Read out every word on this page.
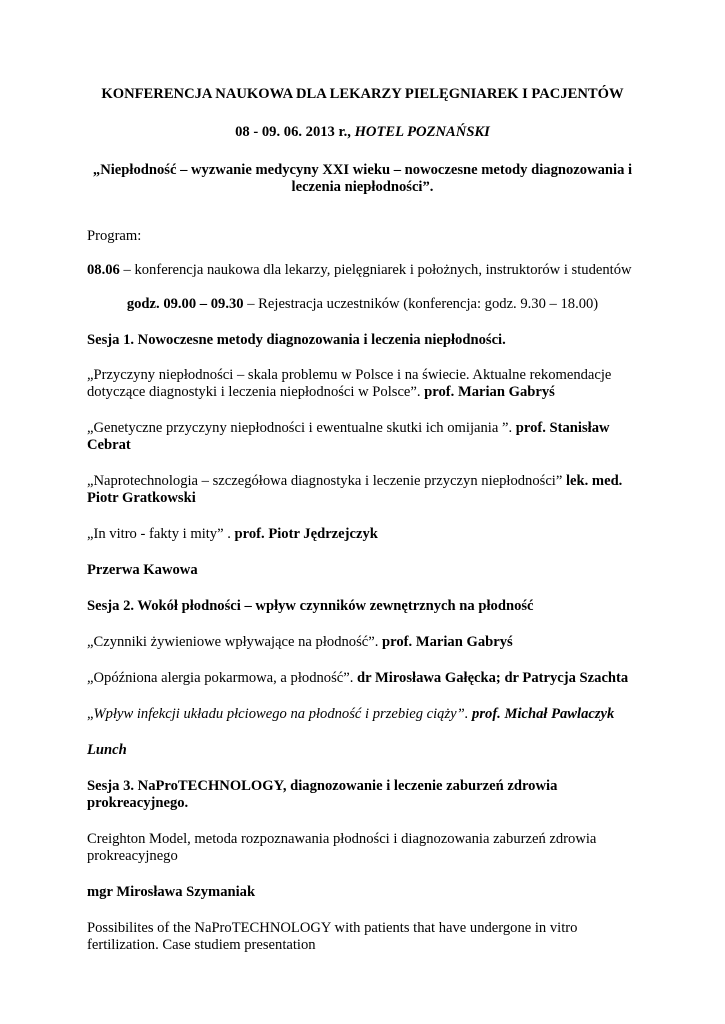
KONFERENCJA NAUKOWA DLA LEKARZY PIELĘGNIAREK I PACJENTÓW

08 - 09. 06. 2013 r., HOTEL POZNAŃSKI

„Niepłodność – wyzwanie medycyny XXI wieku – nowoczesne metody diagnozowania i
leczenia niepłodności”.

Program:

08.06 – konferencja naukowa dla lekarzy, pielęgniarek i położnych, instruktorów i studentów

godz. 09.00 – 09.30 – Rejestracja uczestników (konferencja: godz. 9.30 – 18.00)

Sesja 1. Nowoczesne metody diagnozowania i leczenia niepłodności.

„Przyczyny niepłodności – skala problemu w Polsce i na świecie. Aktualne rekomendacje dotyczące diagnostyki i leczenia niepłodności w Polsce”. prof. Marian Gabryś

„Genetyczne przyczyny niepłodności i ewentualne skutki ich omijania ”. prof. Stanisław Cebrat

„Naprotechnologia – szczegółowa diagnostyka i leczenie przyczyn niepłodności” lek. med. Piotr Gratkowski

„In vitro - fakty i mity” . prof. Piotr Jędrzejczyk

Przerwa Kawowa

Sesja 2. Wokół płodności – wpływ czynników zewnętrznych na płodność

„Czynniki żywieniowe wpływające na płodność”. prof. Marian Gabryś

„Opóźniona alergia pokarmowa, a płodność”. dr Mirosława Gałęcka; dr Patrycja Szachta

„Wpływ infekcji układu płciowego na płodność i przebieg ciąży”. prof. Michał Pawlaczyk

Lunch

Sesja 3. NaProTECHNOLOGY, diagnozowanie i leczenie zaburzeń zdrowia prokreacyjnego.

Creighton Model, metoda rozpoznawania płodności i diagnozowania zaburzeń zdrowia prokreacyjnego

mgr Mirosława Szymaniak

Possibilites of the NaProTECHNOLOGY with patients that have undergone in vitro fertilization. Case studiem presentation
